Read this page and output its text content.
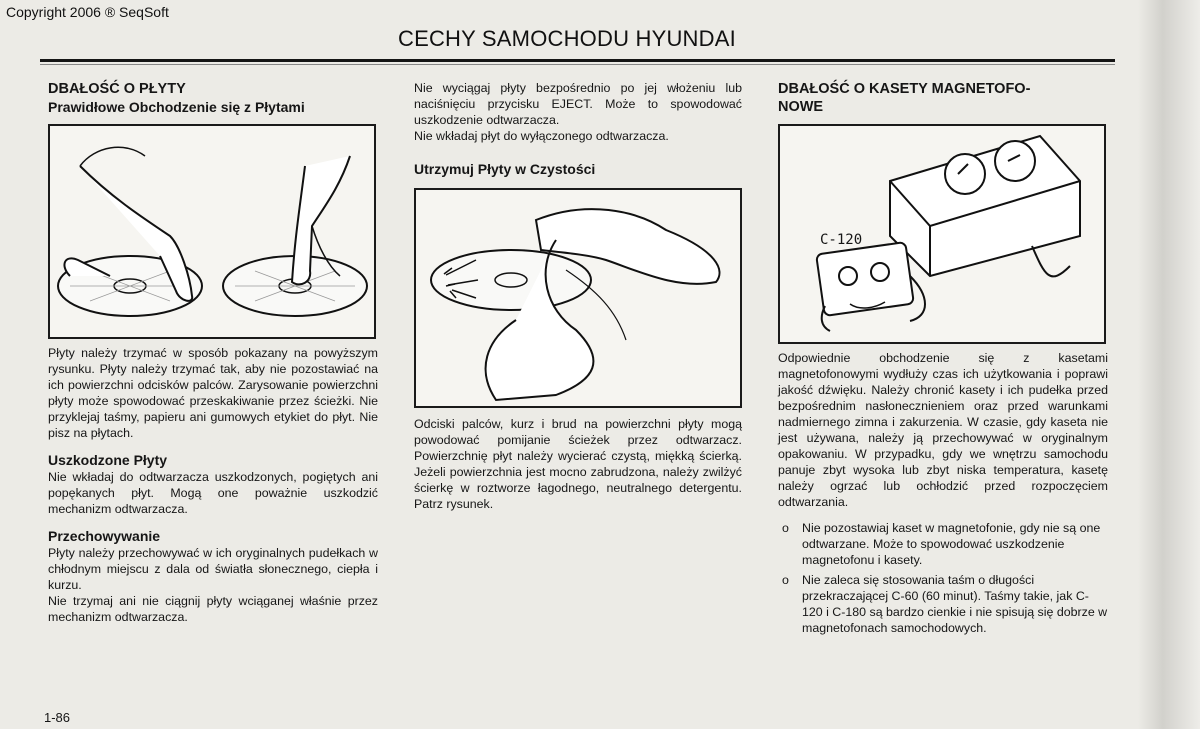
Copyright 2006 ® SeqSoft
CECHY SAMOCHODU HYUNDAI

DBAŁOŚĆ O PŁYTY

Prawidłowe Obchodzenie się z Płytami

Płyty należy trzymać w sposób pokazany na powyższym rysunku. Płyty należy trzymać tak, aby nie pozostawiać na ich powierzchni odcisków palców. Zarysowanie powierzchni płyty może spowodować przeskakiwanie przez ścieżki. Nie przyklejaj taśmy, papieru ani gumowych etykiet do płyt. Nie pisz na płytach.

Uszkodzone Płyty

Nie wkładaj do odtwarzacza uszkodzonych, pogiętych ani popękanych płyt. Mogą one poważnie uszkodzić mechanizm odtwarzacza.

Przechowywanie

Płyty należy przechowywać w ich oryginalnych pudełkach w chłodnym miejscu z dala od światła słonecznego, ciepła i kurzu.

Nie trzymaj ani nie ciągnij płyty wciąganej właśnie przez mechanizm odtwarzacza.

Nie wyciągaj płyty bezpośrednio po jej włożeniu lub naciśnięciu przycisku EJECT. Może to spowodować uszkodzenie odtwarzacza.

Nie wkładaj płyt do wyłączonego odtwarzacza.

Utrzymuj Płyty w Czystości

Odciski palców, kurz i brud na powierzchni płyty mogą powodować pomijanie ścieżek przez odtwarzacz. Powierzchnię płyt należy wycierać czystą, miękką ścierką. Jeżeli powierzchnia jest mocno zabrudzona, należy zwilżyć ścierkę w roztworze łagodnego, neutralnego detergentu. Patrz rysunek.

DBAŁOŚĆ O KASETY MAGNETOFO-

NOWE

C-120

Odpowiednie obchodzenie się z kasetami magnetofonowymi wydłuży czas ich użytkowania i poprawi jakość dźwięku. Należy chronić kasety i ich pudełka przed bezpośrednim nasłonecznieniem oraz przed warunkami nadmiernego zimna i zakurzenia. W czasie, gdy kaseta nie jest używana, należy ją przechowywać w oryginalnym opakowaniu. W przypadku, gdy we wnętrzu samochodu panuje zbyt wysoka lub zbyt niska temperatura, kasetę należy ogrzać lub ochłodzić przed rozpoczęciem odtwarzania.

o Nie pozostawiaj kaset w magnetofonie, gdy nie są one odtwarzane. Może to spowodować uszkodzenie magnetofonu i kasety.
o Nie zaleca się stosowania taśm o długości przekraczającej C-60 (60 minut). Taśmy takie, jak C-120 i C-180 są bardzo cienkie i nie spisują się dobrze w magnetofonach samochodowych.
1-86
